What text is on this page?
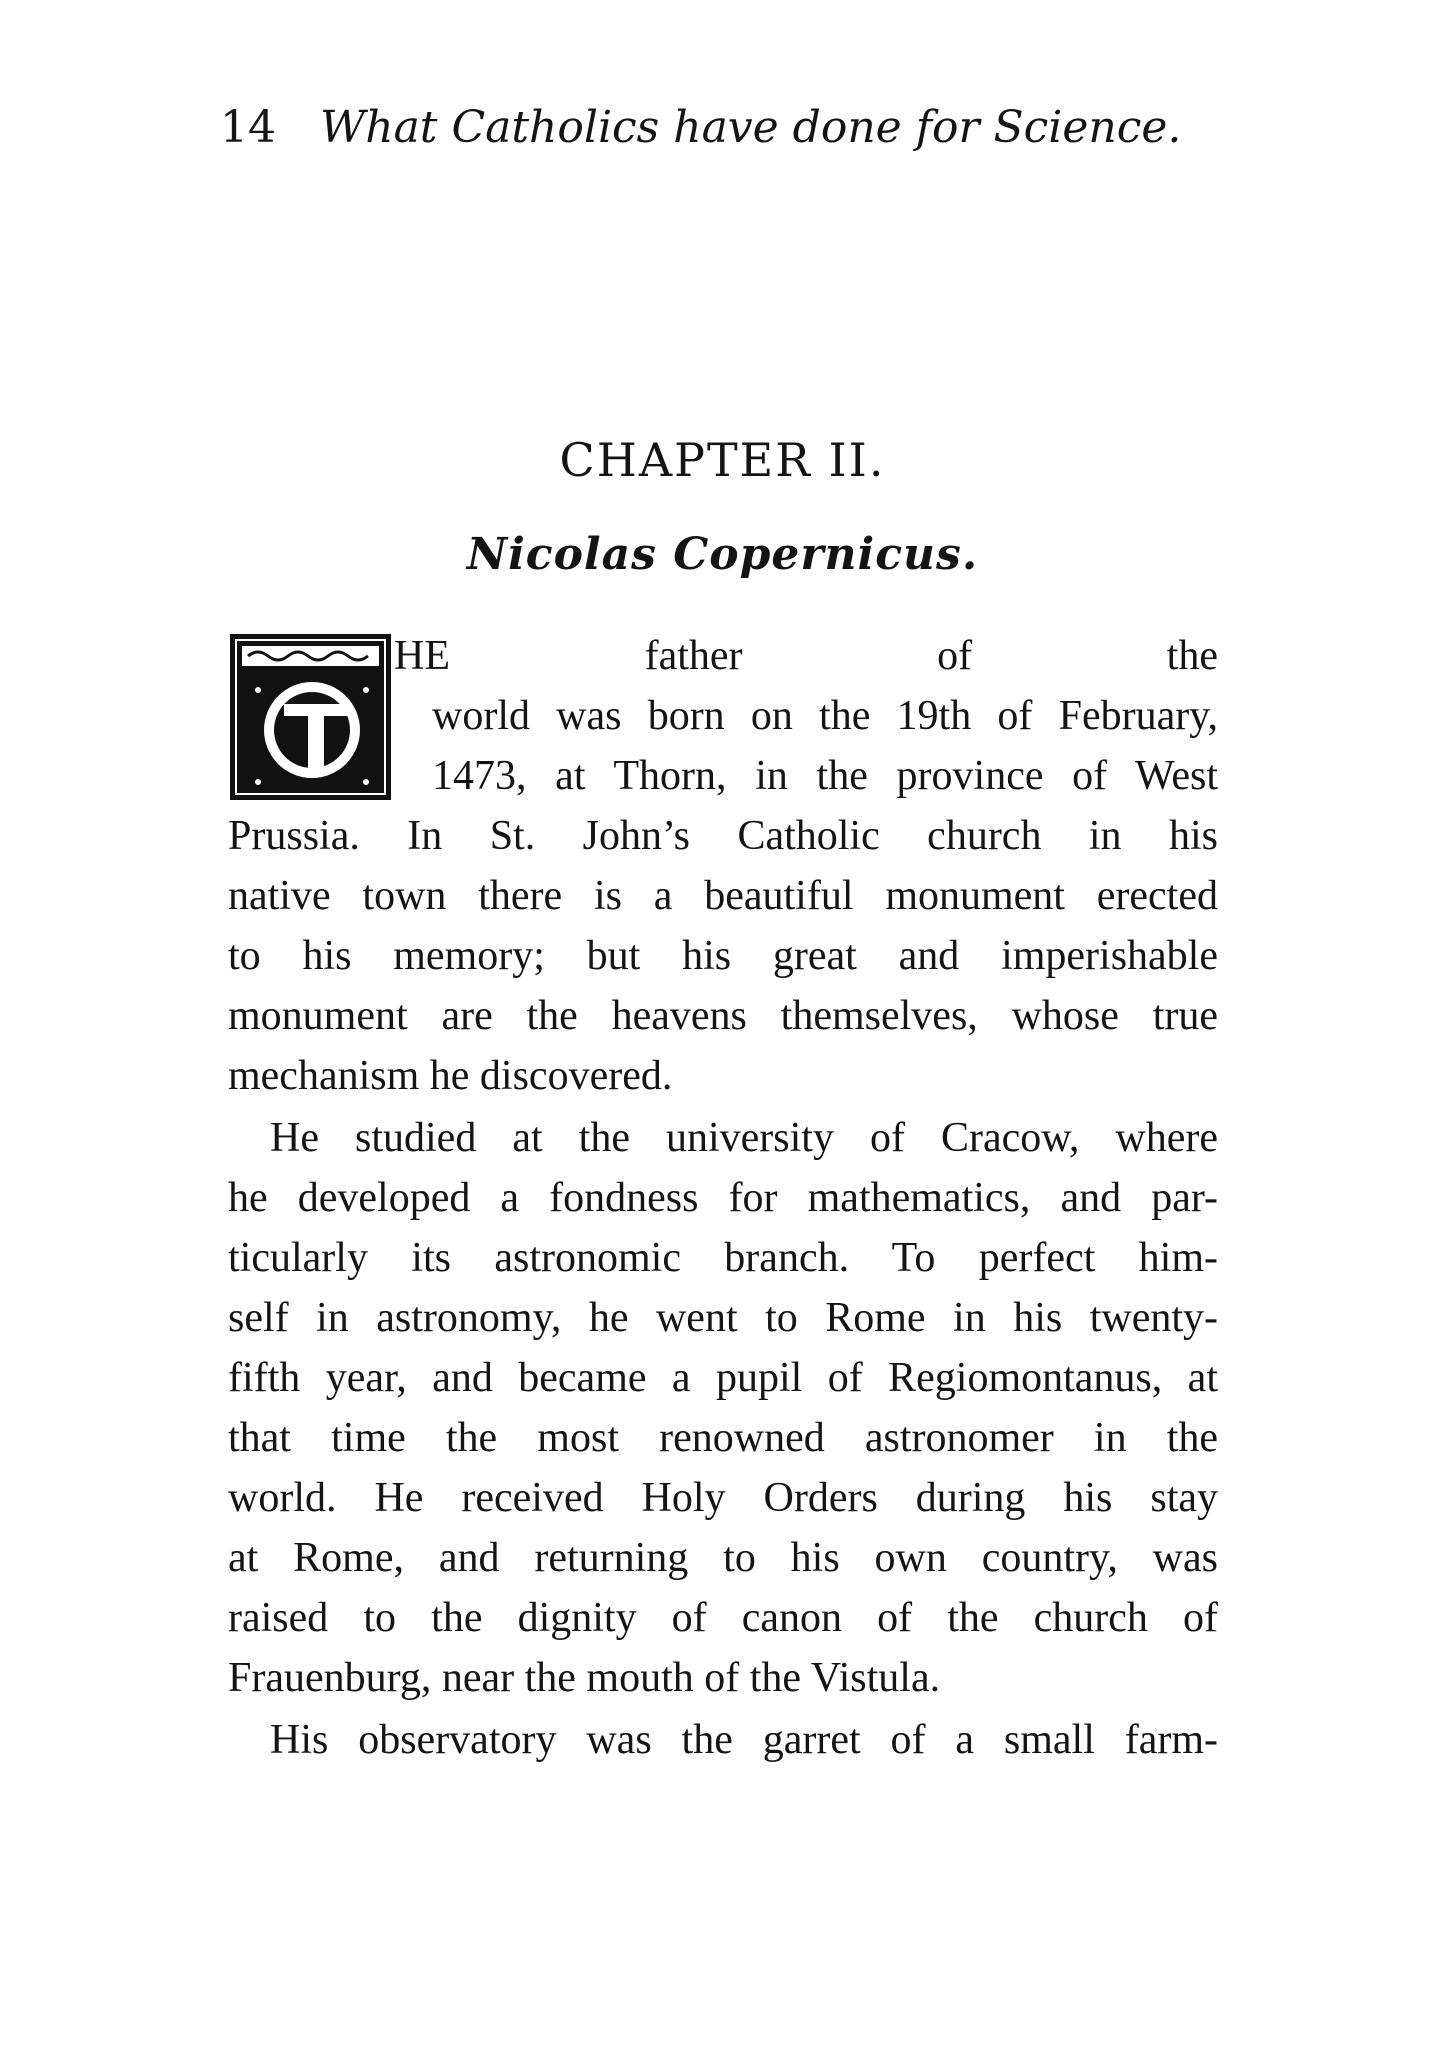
14 What Catholics have done for Science.
CHAPTER II.
Nicolas Copernicus.
HE	father of the
world was born on the 19th of February,
1473, at Thorn, in the province of West
Prussia. In St. John’s Catholic church in his
native town there is a beautiful monument erected
to his memory; but his great and imperishable
monument are the heavens themselves, whose true
mechanism he discovered.
He studied at the university of Cracow, where
he developed a fondness for mathematics, and par-
ticularly its astronomic branch. To perfect him-
self in astronomy, he went to Rome in his twenty-
fifth year, and became a pupil of Regiomontanus, at
that time the most renowned astronomer in the
world. He received Holy Orders during his stay
at Rome, and returning to his own country, was
raised to the dignity of canon of the church of
Frauenburg, near the mouth of the Vistula.
His observatory was the garret of a small farm-
